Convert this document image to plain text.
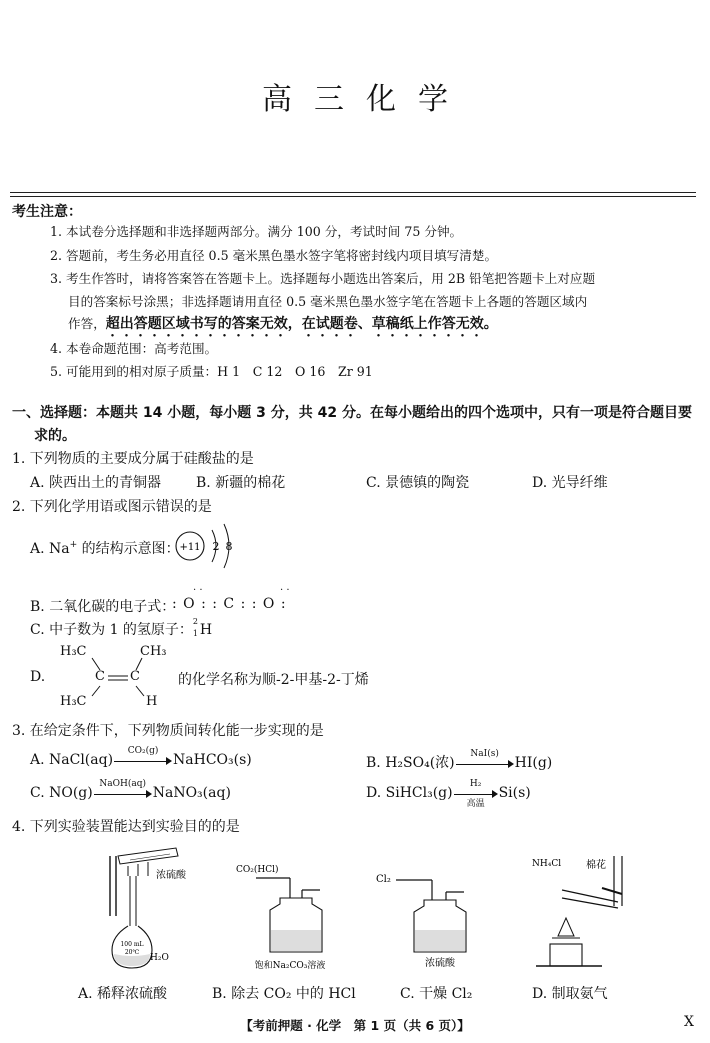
高三化学
考生注意：
1. 本试卷分选择题和非选择题两部分。满分 100 分，考试时间 75 分钟。
2. 答题前，考生务必用直径 0.5 毫米黑色墨水签字笔将密封线内项目填写清楚。
3. 考生作答时，请将答案答在答题卡上。选择题每小题选出答案后，用 2B 铅笔把答题卡上对应题
目的答案标号涂黑；非选择题请用直径 0.5 毫米黑色墨水签字笔在答题卡上各题的答题区域内
作答，超出答题区域书写的答案无效，在试题卷、草稿纸上作答无效。
4. 本卷命题范围：高考范围。
5. 可能用到的相对原子质量：H 1　C 12　O 16　Zr 91
一、选择题：本题共 14 小题，每小题 3 分，共 42 分。在每小题给出的四个选项中，只有一项是符合题目要
求的。
1. 下列物质的主要成分属于硅酸盐的是
A. 陕西出土的青铜器 B. 新疆的棉花	C. 景德镇的陶瓷	D. 光导纤维
2. 下列化学用语或图示错误的是
A. Na+ 的结构示意图： +11 2 8
B. 二氧化碳的电子式：
: O : : C : : O :
. .	. .
C. 中子数为 1 的氢原子：
2
1 H
D.
H₃C	CH₃
C C
H₃C	H
的化学名称为顺-2-甲基-2-丁烯
3. 在给定条件下，下列物质间转化能一步实现的是
A. NaCl(aq)
CO₂(g)
NaHCO₃(s)	B. H₂SO₄(浓)
NaI(s)
HI(g)
C. NO(g)
NaOH(aq)
NaNO₃(aq)	D. SiHCl₃(g)
H₂
高温
Si(s)
4. 下列实验装置能达到实验目的的是
浓硫酸
H₂O
100 mL
20℃
CO₂(HCl)
饱和Na₂CO₃溶液
Cl₂
浓硫酸
NH₄Cl 棉花
A. 稀释浓硫酸	B. 除去 CO₂ 中的 HCl	C. 干燥 Cl₂	D. 制取氨气
【考前押题 · 化学　第 1 页（共 6 页）】	X
